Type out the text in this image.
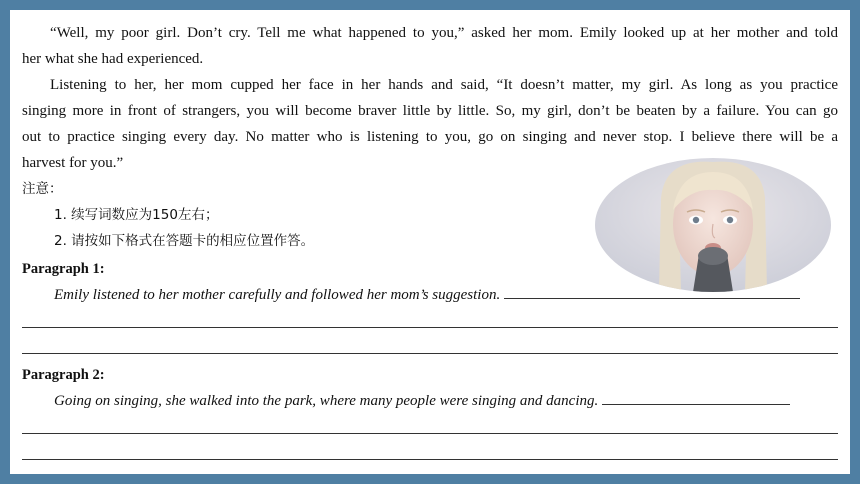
“Well, my poor girl. Don’t cry. Tell me what happened to you,” asked her mom. Emily looked up at her mother and told
her what she had experienced.
Listening to her, her mom cupped her face in her hands and said, “It doesn’t matter, my girl. As long as you practice
singing more in front of strangers, you will become braver little by little. So, my girl, don’t be beaten by a failure. You can go
out to practice singing every day. No matter who is listening to you, go on singing and never stop. I believe there will be a
harvest for you.”
注意：
1. 续写词数应为150左右；
2. 请按如下格式在答题卡的相应位置作答。
Paragraph 1:
Emily listened to her mother carefully and followed her mom’s suggestion.
Paragraph 2:
Going on singing, she walked into the park, where many people were singing and dancing.
